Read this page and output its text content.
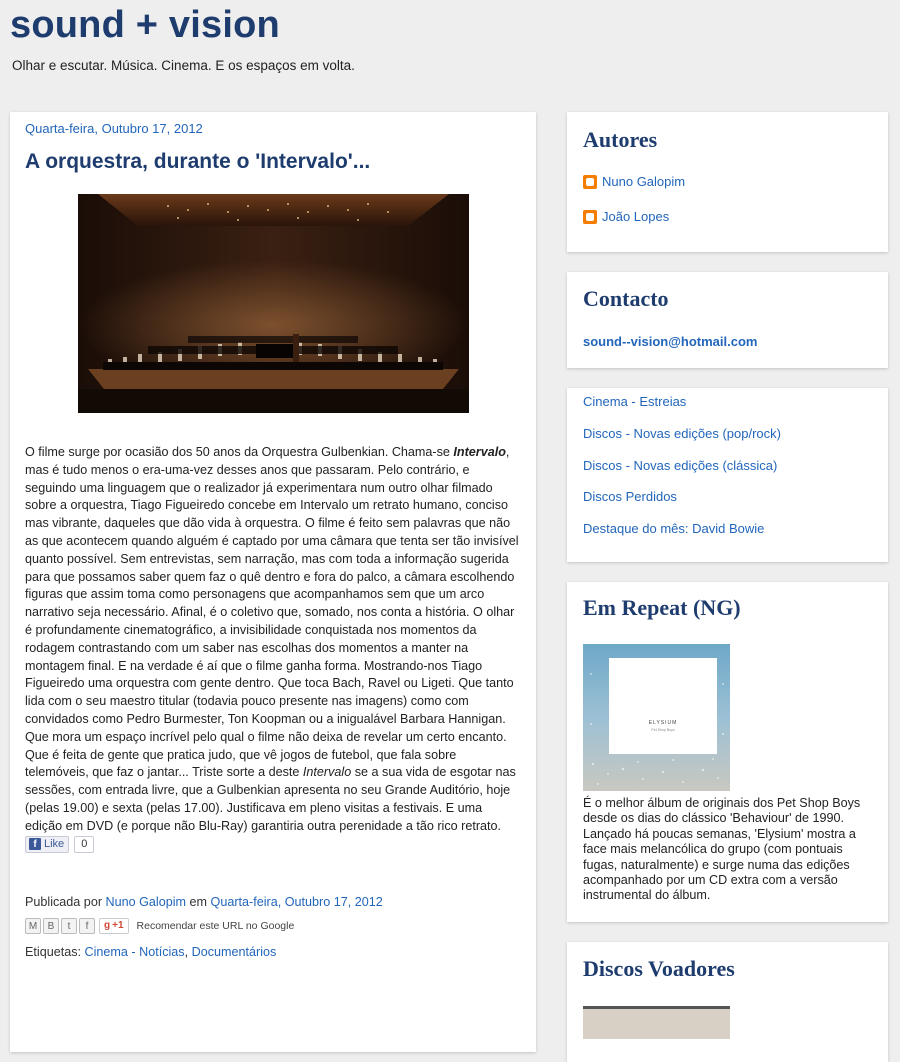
sound + vision
Olhar e escutar. Música. Cinema. E os espaços em volta.
Quarta-feira, Outubro 17, 2012
A orquestra, durante o 'Intervalo'...
O filme surge por ocasião dos 50 anos da Orquestra Gulbenkian. Chama-se Intervalo, mas é tudo menos o era-uma-vez desses anos que passaram. Pelo contrário, e seguindo uma linguagem que o realizador já experimentara num outro olhar filmado sobre a orquestra, Tiago Figueiredo concebe em Intervalo um retrato humano, conciso mas vibrante, daqueles que dão vida à orquestra. O filme é feito sem palavras que não as que acontecem quando alguém é captado por uma câmara que tenta ser tão invisível quanto possível. Sem entrevistas, sem narração, mas com toda a informação sugerida para que possamos saber quem faz o quê dentro e fora do palco, a câmara escolhendo figuras que assim toma como personagens que acompanhamos sem que um arco narrativo seja necessário. Afinal, é o coletivo que, somado, nos conta a história. O olhar é profundamente cinematográfico, a invisibilidade conquistada nos momentos da rodagem contrastando com um saber nas escolhas dos momentos a manter na montagem final. E na verdade é aí que o filme ganha forma. Mostrando-nos Tiago Figueiredo uma orquestra com gente dentro. Que toca Bach, Ravel ou Ligeti. Que tanto lida com o seu maestro titular (todavia pouco presente nas imagens) como com convidados como Pedro Burmester, Ton Koopman ou a inigualável Barbara Hannigan. Que mora um espaço incrível pelo qual o filme não deixa de revelar um certo encanto. Que é feita de gente que pratica judo, que vê jogos de futebol, que fala sobre telemóveis, que faz o jantar... Triste sorte a deste Intervalo se a sua vida de esgotar nas sessões, com entrada livre, que a Gulbenkian apresenta no seu Grande Auditório, hoje (pelas 19.00) e sexta (pelas 17.00). Justificava em pleno visitas a festivais. E uma edição em DVD (e porque não Blu-Ray) garantiria outra perenidade a tão rico retrato.
f Like	0
Publicada por Nuno Galopim em Quarta-feira, Outubro 17, 2012
M	B	t	f	g +1	Recomendar este URL no Google
Etiquetas: Cinema - Notícias, Documentários
Autores
Nuno Galopim
João Lopes
Contacto
sound--vision@hotmail.com
Cinema - Estreias
Discos - Novas edições (pop/rock)
Discos - Novas edições (clássica)
Discos Perdidos
Destaque do mês: David Bowie
Em Repeat (NG)
ELYSIUM
Pet Shop Boys
É o melhor álbum de originais dos Pet Shop Boys desde os dias do clássico 'Behaviour' de 1990. Lançado há poucas semanas, 'Elysium' mostra a face mais melancólica do grupo (com pontuais fugas, naturalmente) e surge numa das edições acompanhado por um CD extra com a versão instrumental do álbum.
Discos Voadores
